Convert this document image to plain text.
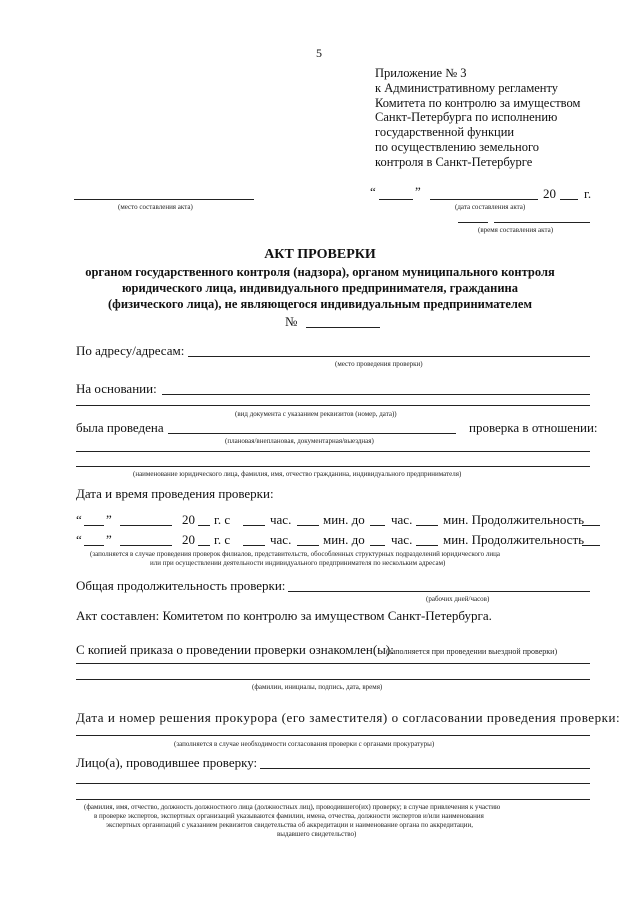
5
Приложение № 3
к Административному регламенту
Комитета по контролю за имуществом
Санкт-Петербурга по исполнению
государственной функции
по осуществлению земельного
контроля в Санкт-Петербурге
(место составления акта)
“	”	20 г.
(дата составления акта)
(время составления акта)
АКТ ПРОВЕРКИ
органом государственного контроля (надзора), органом муниципального контроля
юридического лица, индивидуального предпринимателя, гражданина
(физического лица), не являющегося индивидуальным предпринимателем
№
По адресу/адресам:
(место проведения проверки)
На основании:
(вид документа с указанием реквизитов (номер, дата))
была проведена	проверка в отношении:
(плановая/внеплановая, документарная/выездная)
(наименование юридического лица, фамилия, имя, отчество гражданина, индивидуального предпринимателя)
Дата и время проведения проверки:
“ ”	20 г. с	час. мин. до час. мин. Продолжительность
“ ”	20 г. с	час. мин. до час. мин. Продолжительность
(заполняется в случае проведения проверок филиалов, представительств, обособленных структурных подразделений юридического лица
или при осуществлении деятельности индивидуального предпринимателя по нескольким адресам)
Общая продолжительность проверки:
(рабочих дней/часов)
Акт составлен: Комитетом по контролю за имуществом Санкт-Петербурга.
С копией приказа о проведении проверки ознакомлен(ы):
(заполняется при проведении выездной проверки)
(фамилии, инициалы, подпись, дата, время)
Дата и номер решения прокурора (его заместителя) о согласовании проведения проверки:
(заполняется в случае необходимости согласования проверки с органами прокуратуры)
Лицо(а), проводившее проверку:
(фамилия, имя, отчество, должность должностного лица (должностных лиц), проводившего(их) проверку; в случае привлечения к участию
в проверке экспертов, экспертных организаций указываются фамилии, имена, отчества, должности экспертов и/или наименования
экспертных организаций с указанием реквизитов свидетельства об аккредитации и наименование органа по аккредитации,
выдавшего свидетельство)
